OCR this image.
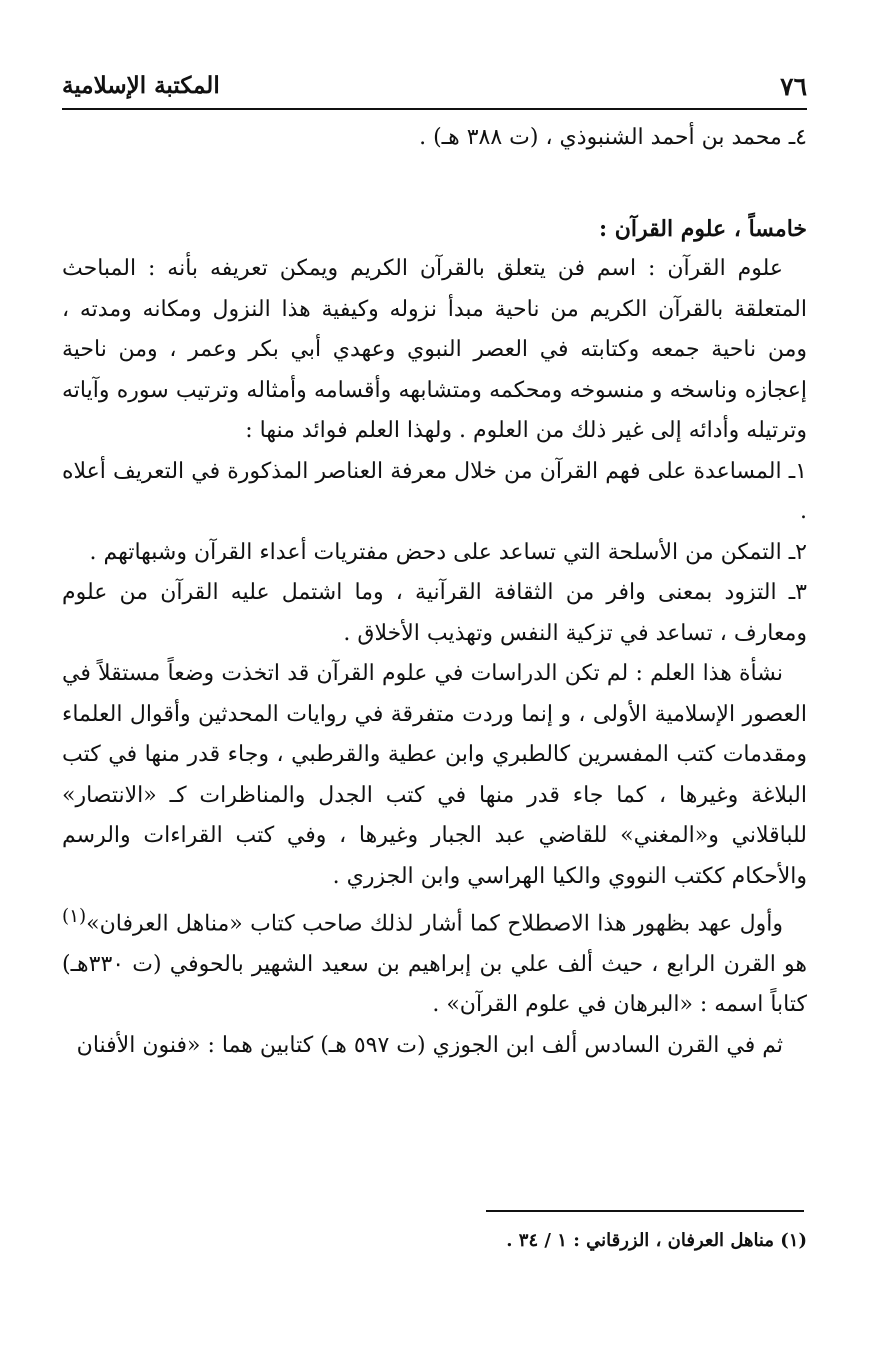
٧٦
المكتبة الإسلامية

٤ـ محمد بن أحمد الشنبوذي ، (ت ٣٨٨ هـ) .

خامساً ، علوم القرآن :

علوم القرآن : اسم فن يتعلق بالقرآن الكريم ويمكن تعريفه بأنه : المباحث المتعلقة بالقرآن الكريم من ناحية مبدأ نزوله وكيفية هذا النزول ومكانه ومدته ، ومن ناحية جمعه وكتابته في العصر النبوي وعهدي أبي بكر وعمر ، ومن ناحية إعجازه وناسخه و منسوخه ومحكمه ومتشابهه وأقسامه وأمثاله وترتيب سوره وآياته وترتيله وأدائه إلى غير ذلك من العلوم . ولهذا العلم فوائد منها :

١ـ المساعدة على فهم القرآن من خلال معرفة العناصر المذكورة في التعريف أعلاه .

٢ـ التمكن من الأسلحة التي تساعد على دحض مفتريات أعداء القرآن وشبهاتهم .

٣ـ التزود بمعنى وافر من الثقافة القرآنية ، وما اشتمل عليه القرآن من علوم ومعارف ، تساعد في تزكية النفس وتهذيب الأخلاق .

نشأة هذا العلم : لم تكن الدراسات في علوم القرآن قد اتخذت وضعاً مستقلاً في العصور الإسلامية الأولى ، و إنما وردت متفرقة في روايات المحدثين وأقوال العلماء ومقدمات كتب المفسرين كالطبري وابن عطية والقرطبي ، وجاء قدر منها في كتب البلاغة وغيرها ، كما جاء قدر منها في كتب الجدل والمناظرات كـ «الانتصار» للباقلاني و«المغني» للقاضي عبد الجبار وغيرها ، وفي كتب القراءات والرسم والأحكام ككتب النووي والكيا الهراسي وابن الجزري .

وأول عهد بظهور هذا الاصطلاح كما أشار لذلك صاحب كتاب «مناهل العرفان»$^{(١)}$ هو القرن الرابع ، حيث ألف علي بن إبراهيم بن سعيد الشهير بالحوفي (ت ٣٣٠هـ) كتاباً اسمه : «البرهان في علوم القرآن» .

ثم في القرن السادس ألف ابن الجوزي (ت ٥٩٧ هـ) كتابين هما : «فنون الأفنان

(١) مناهل العرفان ، الزرقاني : ١ / ٣٤ .
